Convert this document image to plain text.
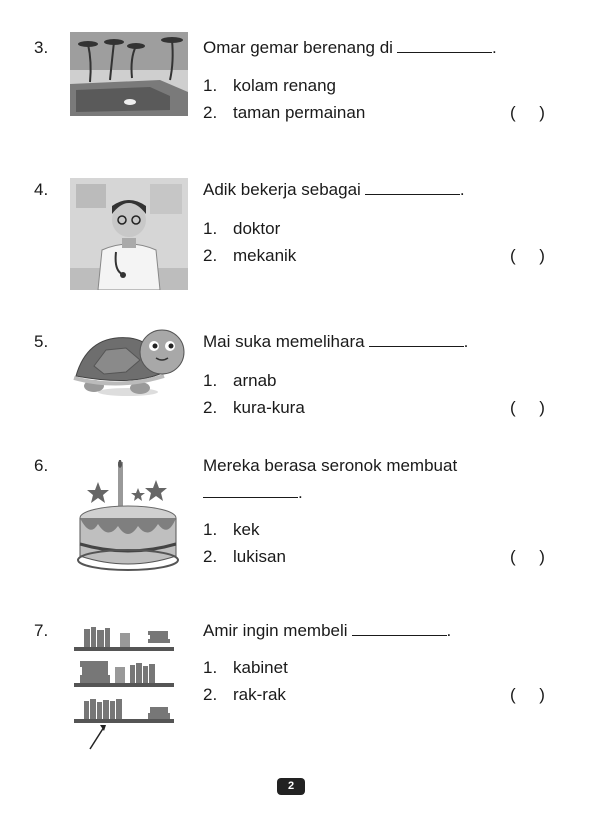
3.	Omar gemar berenang di	.
1. kolam renang
2. taman permainan	(     )
4.	Adik bekerja sebagai	.
1. doktor
2. mekanik	(     )
5.	Mai suka memelihara	.
1. arnab
2. kura-kura	(     )
6.	Mereka berasa seronok membuat
.
1. kek
2. lukisan	(     )
7.	Amir ingin membeli	.
1. kabinet
2. rak-rak	(     )
2
